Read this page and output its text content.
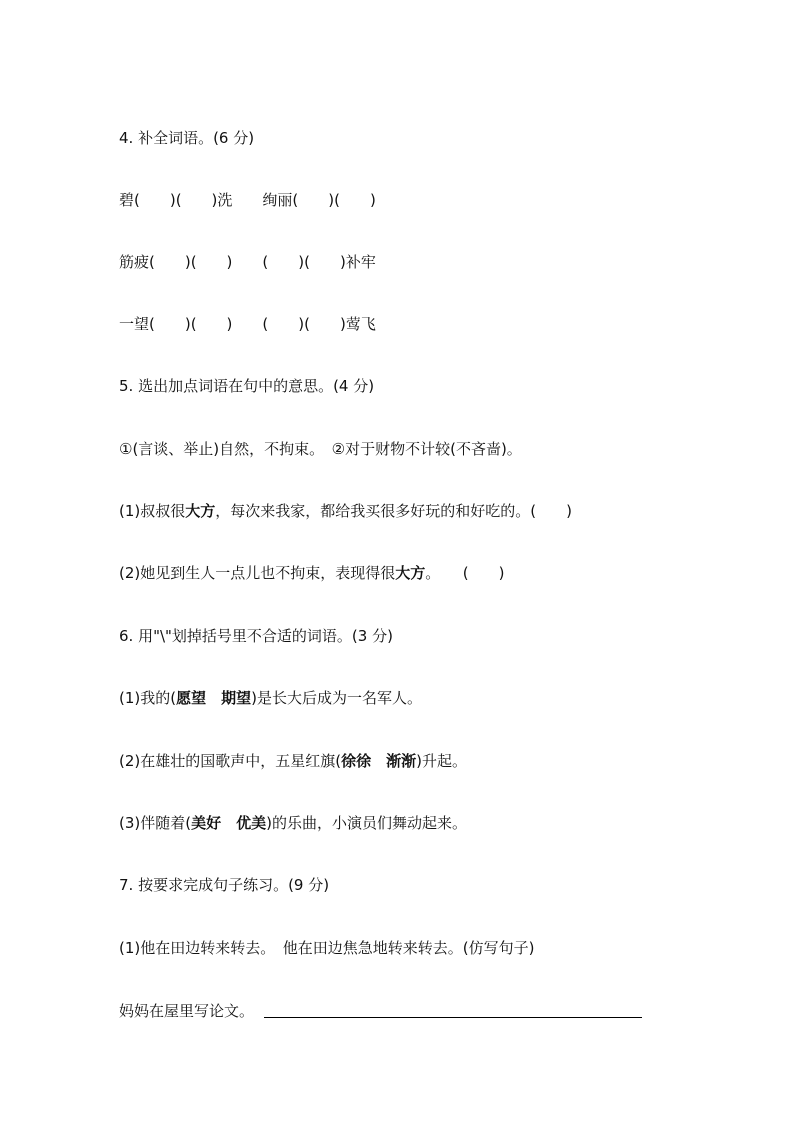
4. 补全词语。(6 分)
碧(　　)(　　)洗　　绚丽(　　)(　　)
筋疲(　　)(　　)　　(　　)(　　)补牢
一望(　　)(　　)　　(　　)(　　)莺飞
5. 选出加点词语在句中的意思。(4 分)
①(言谈、举止)自然，不拘束。　②对于财物不计较(不吝啬)。
(1)叔叔很大方，每次来我家，都给我买很多好玩的和好吃的。(　　)
(2)她见到生人一点儿也不拘束，表现得很大方。　　(　　)
6. 用"\"划掉括号里不合适的词语。(3 分)
(1)我的(愿望　期望)是长大后成为一名军人。
(2)在雄壮的国歌声中，五星红旗(徐徐　渐渐)升起。
(3)伴随着(美好　优美)的乐曲，小演员们舞动起来。
7. 按要求完成句子练习。(9 分)
(1)他在田边转来转去。　他在田边焦急地转来转去。(仿写句子)
妈妈在屋里写论文。
